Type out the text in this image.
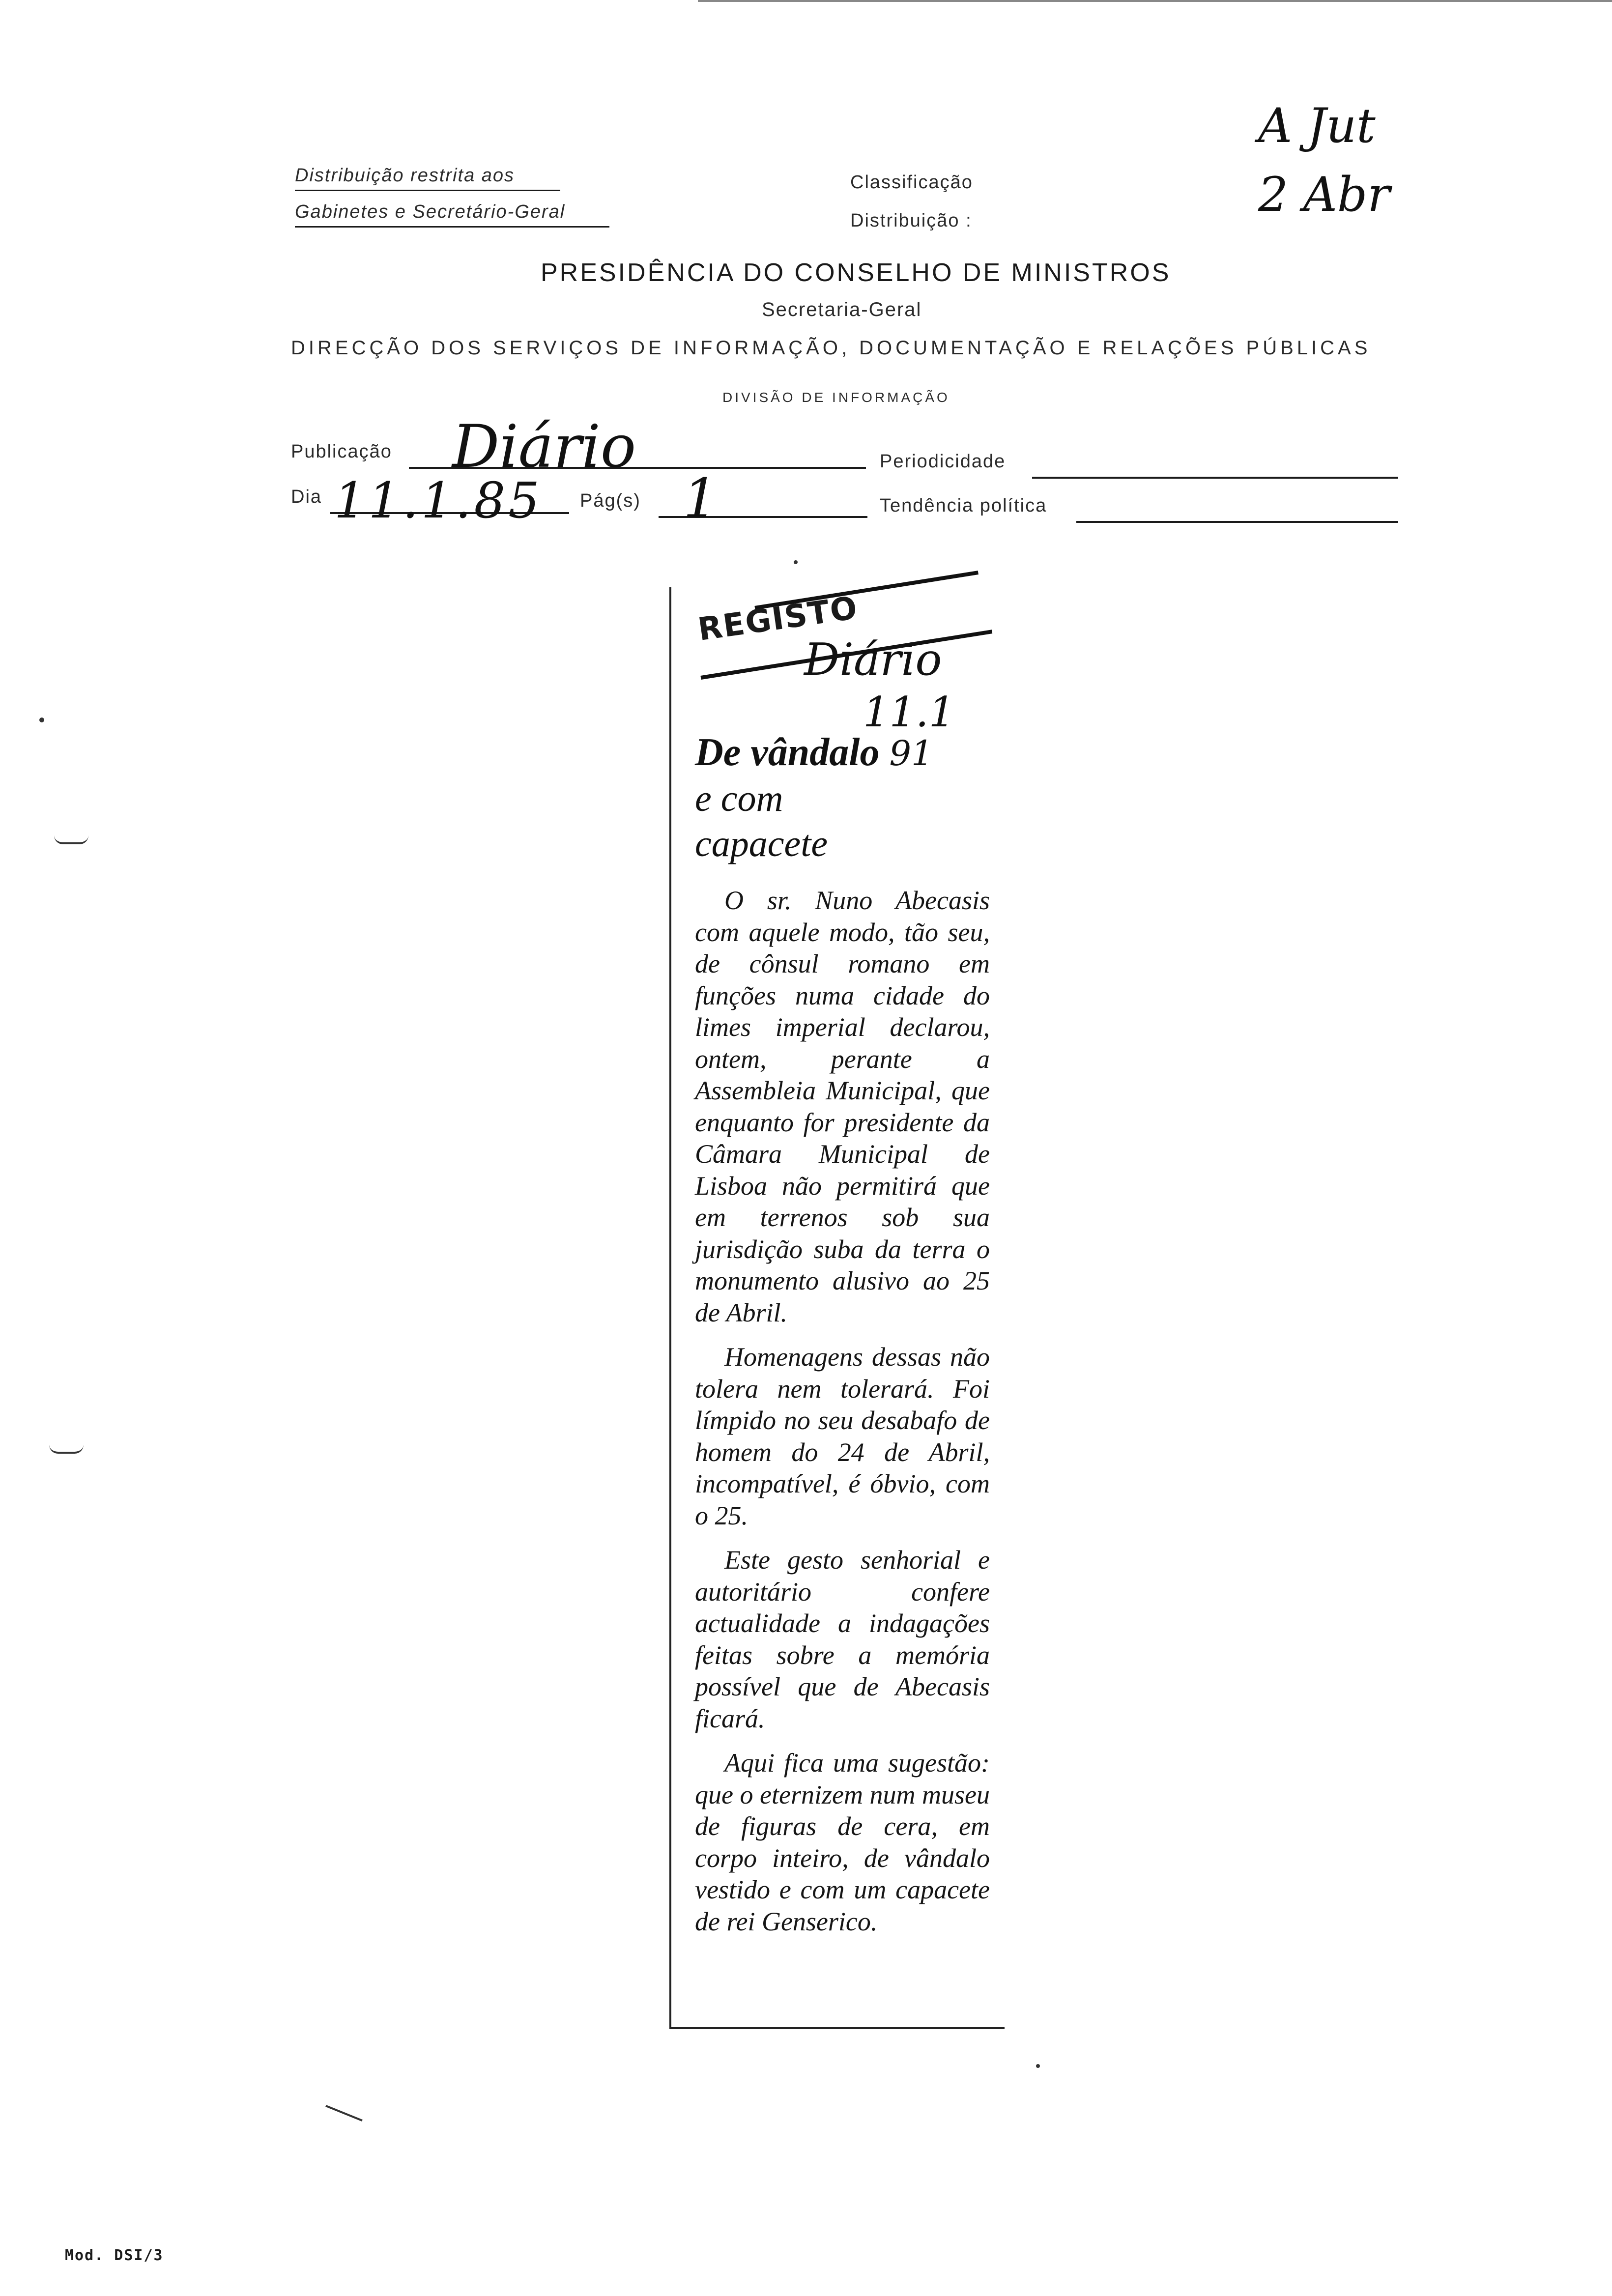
Distribuição restrita aos
Gabinetes e Secretário-Geral
Classificação
Distribuição :
A Jut
2 Abr
PRESIDÊNCIA DO CONSELHO DE MINISTROS
Secretaria-Geral
DIRECÇÃO DOS SERVIÇOS DE INFORMAÇÃO, DOCUMENTAÇÃO E RELAÇÕES PÚBLICAS
DIVISÃO DE INFORMAÇÃO
Publicação Diário	Periodicidade
Dia 11.1.85 Pág(s) 1	Tendência política
REGISTO
Diário
11.1
De vândalo 91
e com
capacete

O sr. Nuno Abecasis com aquele modo, tão seu, de cônsul romano em funções numa cidade do limes imperial declarou, ontem, perante a Assembleia Municipal, que enquanto for presidente da Câmara Municipal de Lisboa não permitirá que em terrenos sob sua jurisdição suba da terra o monumento alusivo ao 25 de Abril.

Homenagens dessas não tolera nem tolerará. Foi límpido no seu desabafo de homem do 24 de Abril, incompatível, é óbvio, com o 25.

Este gesto senhorial e autoritário confere actualidade a indagações feitas sobre a memória possível que de Abecasis ficará.

Aqui fica uma sugestão: que o eternizem num museu de figuras de cera, em corpo inteiro, de vândalo vestido e com um capacete de rei Genserico.

Mod. DSI/3
